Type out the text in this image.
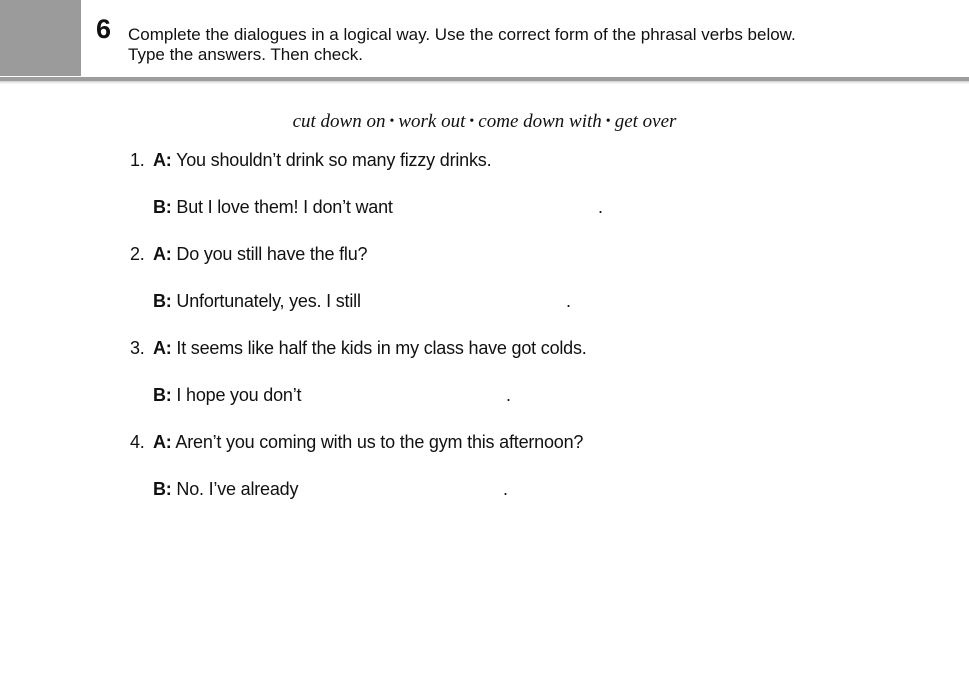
6 Complete the dialogues in a logical way. Use the correct form of the phrasal verbs below.
Type the answers. Then check.
cut down on • work out • come down with • get over
1. A: You shouldn’t drink so many fizzy drinks.
B: But I love them! I don’t want	.
2. A: Do you still have the flu?
B: Unfortunately, yes. I still	.
3. A: It seems like half the kids in my class have got colds.
B: I hope you don’t	.
4. A: Aren’t you coming with us to the gym this afternoon?
B: No. I’ve already	.
